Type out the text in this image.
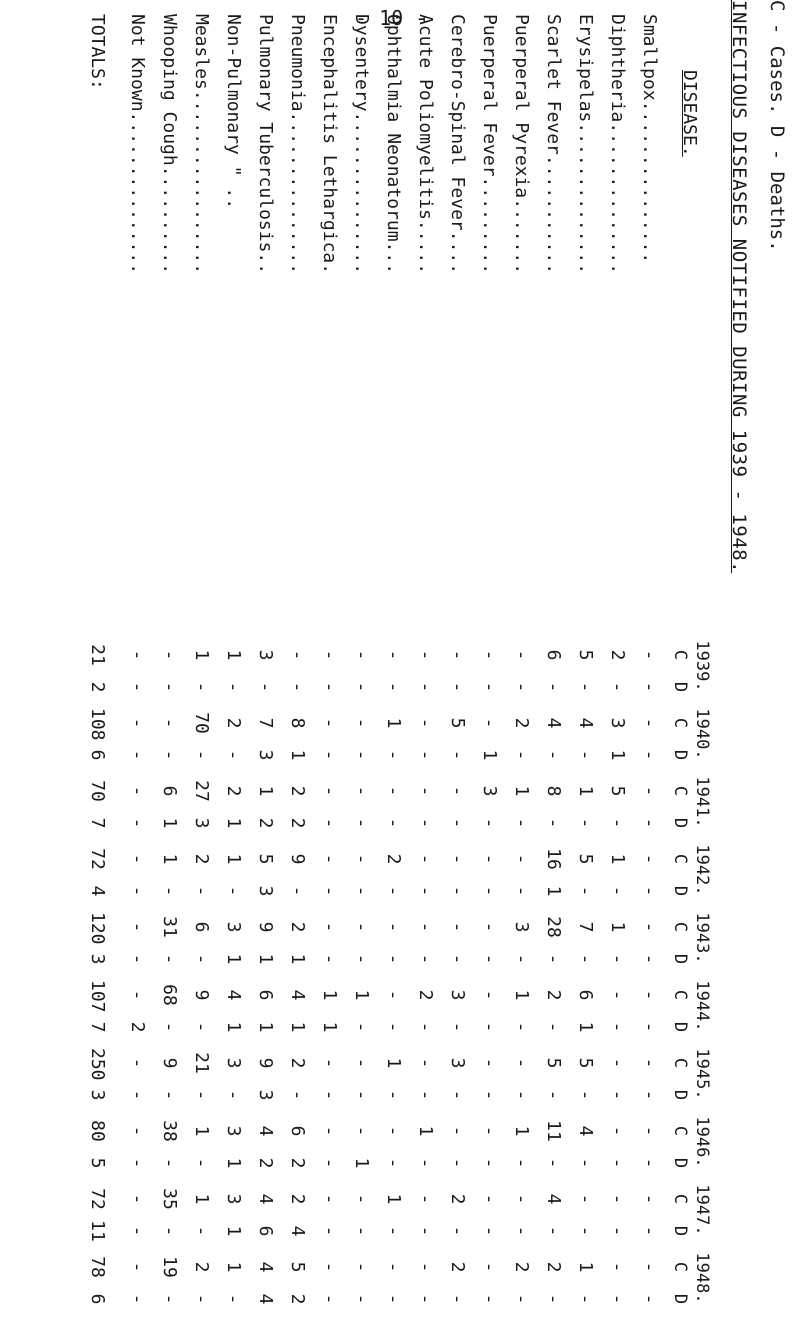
- 10 -	C - Cases. D - Deaths.
INFECTIOUS DISEASES NOTIFIED DURING 1939 - 1948.
DISEASE.
1939.
C
D
1940.
C
D
1941.
C
D
1942.
C
D
1943.
C
D
1944.
C
D
1945.
C
D
1946.
C
D
1947.
C
D
1948.
C
D
Smallpox...............
-
-
-
-
-
-
-
-
-
-
-
-
-
-
-
-
-
-
-
-
Diphtheria..............
2
-
3
1
5
-
1
-
1
-
-
-
-
-
-
-
-
-
-
-
Erysipelas..............
5
-
4
-
1
-
5
-
7
-
6
1
5
-
4
-
-
-
1
-
Scarlet Fever...........
6
-
4
-
8
-
16
1
28
-
2
-
5
-
11
-
4
-
2
-
Puerperal Pyrexia.......
-
-
2
-
1
-
-
-
3
-
1
-
-
-
1
-
-
-
2
-
Puerperal Fever.........
-
-
-
1
3
-
-
-
-
-
-
-
-
-
-
-
-
-
-
-
Cerebro-Spinal Fever....
-
-
5
-
-
-
-
-
-
-
3
-
3
-
-
-
2
-
2
-
Acute Poliomyelitis.....
-
-
-
-
-
-
-
-
-
-
2
-
-
-
1
-
-
-
-
-
Ophthalmia Neonatorum...
-
-
1
-
-
-
2
-
-
-
-
-
1
-
-
-
1
-
-
-
Dysentery...............
-
-
-
-
-
-
-
-
-
-
1
-
-
-
-
1
-
-
-
-
Encephalitis Lethargica.
-
-
-
-
-
-
-
-
-
-
1
1
-
-
-
-
-
-
-
-
Pneumonia...............
-
-
8
1
2
2
9
-
2
1
4
1
2
-
6
2
2
4
5
2
Pulmonary Tuberculosis..
3
-
7
3
1
2
5
3
9
1
6
1
9
3
4
2
4
6
4
4
Non-Pulmonary " ..
1
-
2
-
2
1
1
-
3
1
4
1
3
-
3
1
3
1
1
-
Measles.................
1
-
70
-
27
3
2
-
6
-
9
-
21
-
1
-
1
-
2
-
Whooping Cough..........
-
-
-
-
6
1
1
-
31
-
68
-
9
-
38
-
35
-
19
-
Not Known...............
-
-
-
-
-
-
-
-
-
-
-
2
-
-
-
-
-
-
-
-
TOTALS:
21
2
108
6
70
7
72
4
120
3
107
7
250
3
80
5
72
11
78
6
